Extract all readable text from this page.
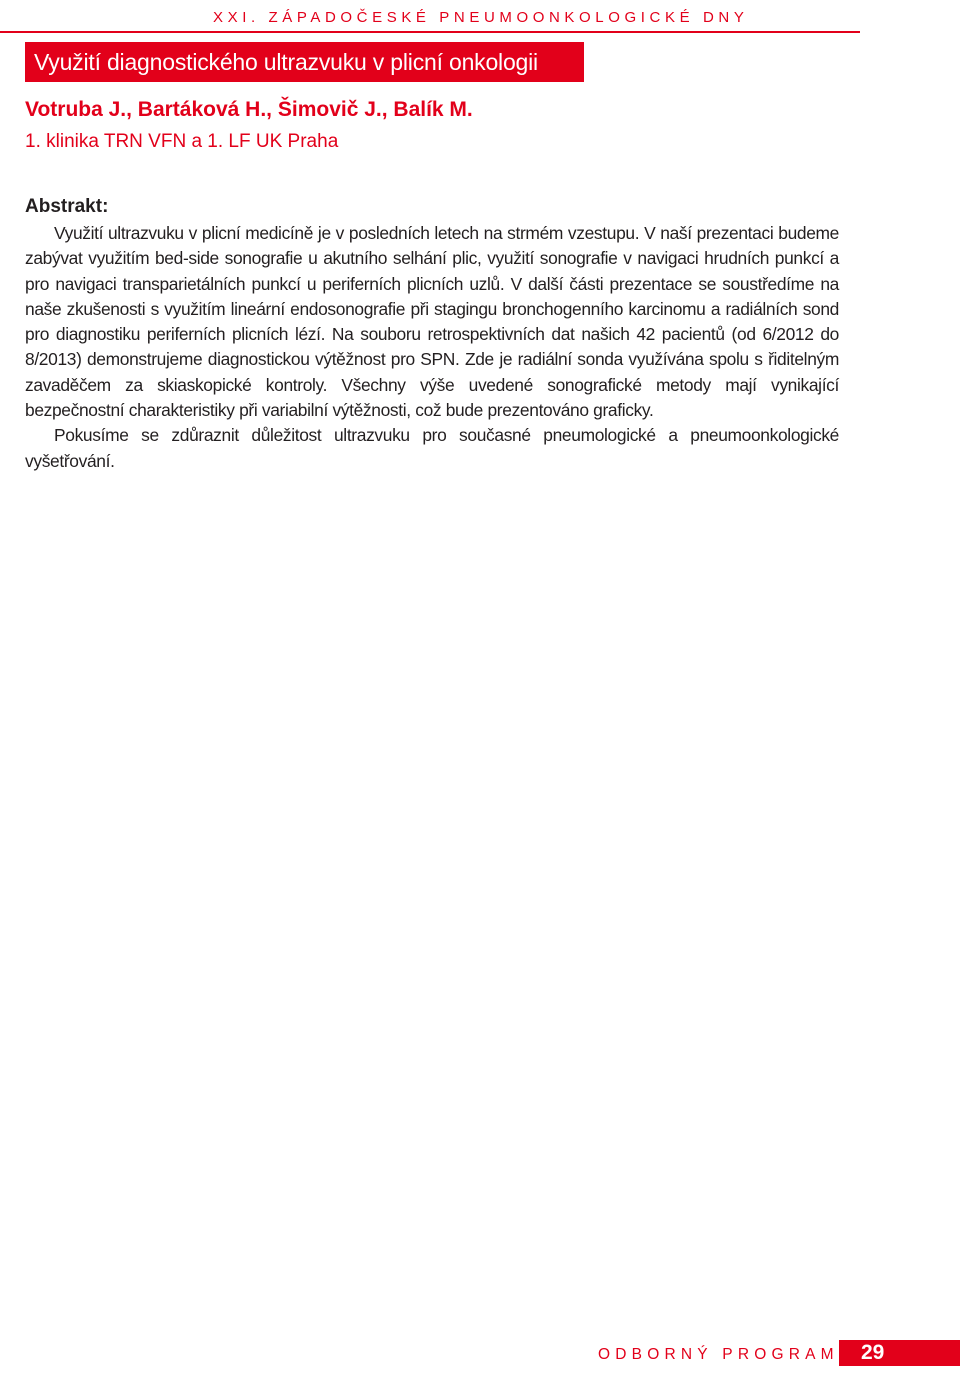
XXI. ZÁPADOČESKÉ PNEUMOONKOLOGICKÉ DNY
Využití diagnostického ultrazvuku v plicní onkologii
Votruba J., Bartáková H., Šimovič J., Balík M.
1. klinika TRN VFN a 1. LF UK Praha
Abstrakt:

Využití ultrazvuku v plicní medicíně je v posledních letech na strmém vzestupu. V naší prezentaci budeme zabývat využitím bed-side sonografie u akutního selhání plic, využití sonografie v navigaci hrudních punkcí a pro navigaci transparietálních punkcí u periferních plicních uzlů. V další části prezentace se soustředíme na naše zkušenosti s využitím lineární endosonografie při stagingu bronchogenního karcinomu a radiálních sond pro diagnostiku periferních plicních lézí. Na souboru retrospektivních dat našich 42 pacientů (od 6/2012 do 8/2013) demonstrujeme diagnostickou výtěžnost pro SPN. Zde je radiální sonda využívána spolu s řiditelným zavaděčem za skiaskopické kontroly. Všechny výše uvedené sonografické metody mají vynikající bezpečnostní charakteristiky při variabilní výtěžnosti, což bude prezentováno graficky.

Pokusíme se zdůraznit důležitost ultrazvuku pro současné pneumologické a pneumoonkologické vyšetřování.

ODBORNÝ PROGRAM 29
